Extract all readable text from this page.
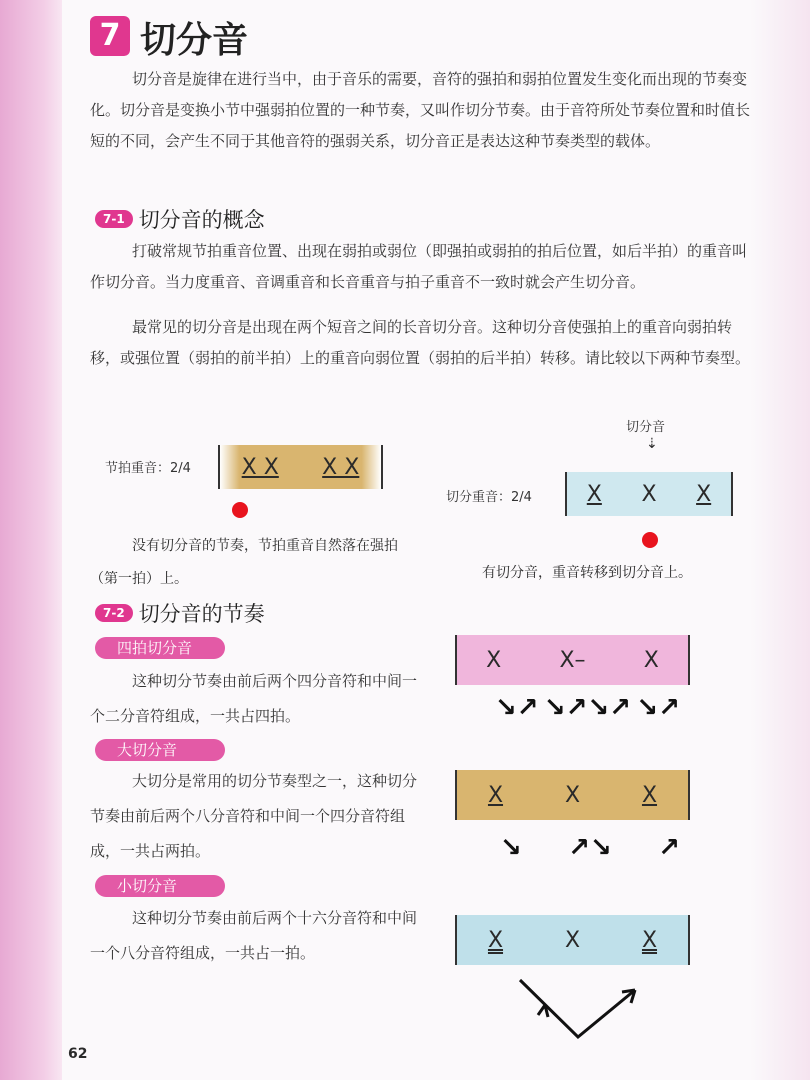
7 切分音

切分音是旋律在进行当中，由于音乐的需要，音符的强拍和弱拍位置发生变化而出现的节奏变化。切分音是变换小节中强弱拍位置的一种节奏，又叫作切分节奏。由于音符所处节奏位置和时值长短的不同，会产生不同于其他音符的强弱关系，切分音正是表达这种节奏类型的载体。

7-1 切分音的概念

打破常规节拍重音位置、出现在弱拍或弱位（即强拍或弱拍的拍后位置，如后半拍）的重音叫作切分音。当力度重音、音调重音和长音重音与拍子重音不一致时就会产生切分音。

最常见的切分音是出现在两个短音之间的长音切分音。这种切分音使强拍上的重音向弱拍转移，或强位置（弱拍的前半拍）上的重音向弱位置（弱拍的后半拍）转移。请比较以下两种节奏型。

节拍重音：2/4 X X X X
没有切分音的节奏，节拍重音自然落在强拍（第一拍）上。
切分音
⇣
切分重音：2/4 X X X
有切分音，重音转移到切分音上。
7-2 切分音的节奏
四拍切分音
这种切分节奏由前后两个四分音符和中间一个二分音符组成，一共占四拍。
X	X–	X
↘↗ ↘↗↘↗ ↘↗
大切分音
大切分是常用的切分节奏型之一，这种切分节奏由前后两个八分音符和中间一个四分音符组成，一共占两拍。
X	X	X
↘ ↗↘ ↗
小切分音
这种切分节奏由前后两个十六分音符和中间一个八分音符组成，一共占一拍。
X	X	X
62
